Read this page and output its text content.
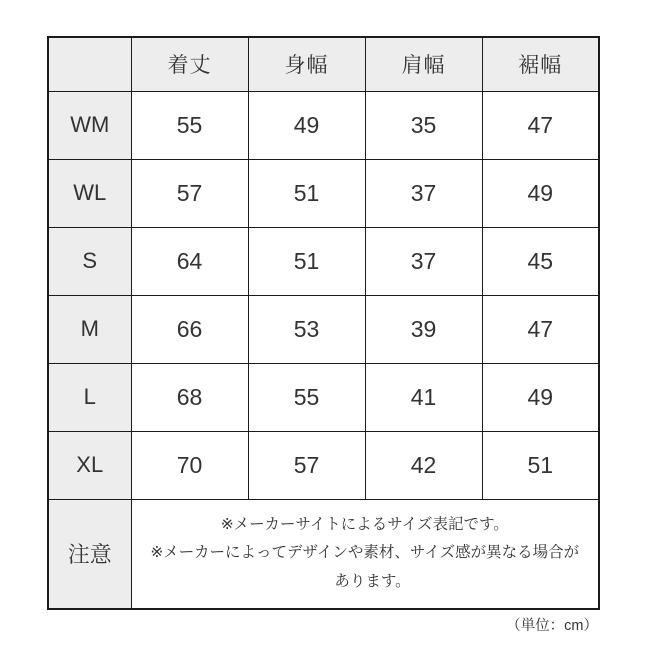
	着丈	身幅	肩幅	裾幅
WM	55	49	35	47
WL	57	51	37	49
S	64	51	37	45
M	66	53	39	47
L	68	55	41	49
XL	70	57	42	51
注意	※メーカーサイトによるサイズ表記です。
※メーカーによってデザインや素材、サイズ感が異なる場合が
あります。			
（単位：cm）
